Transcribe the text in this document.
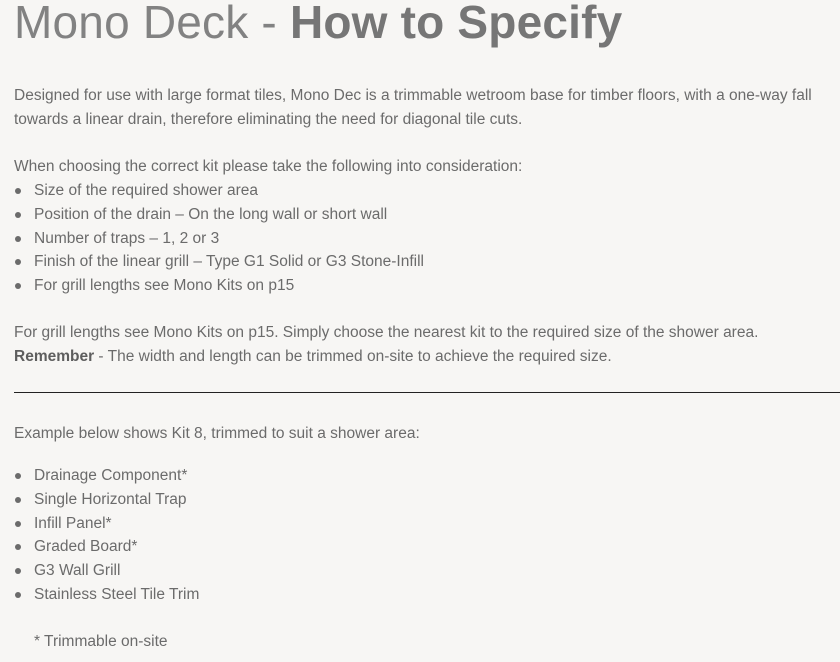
Mono Deck - How to Specify

Designed for use with large format tiles, Mono Dec is a trimmable wetroom base for timber floors, with a one-way fall towards a linear drain, therefore eliminating the need for diagonal tile cuts.

When choosing the correct kit please take the following into consideration:

Size of the required shower area
Position of the drain – On the long wall or short wall
Number of traps – 1, 2 or 3
Finish of the linear grill – Type G1 Solid or G3 Stone-Infill
For grill lengths see Mono Kits on p15

For grill lengths see Mono Kits on p15. Simply choose the nearest kit to the required size of the shower area.

Remember - The width and length can be trimmed on-site to achieve the required size.

Example below shows Kit 8, trimmed to suit a shower area:

Drainage Component*
Single Horizontal Trap
Infill Panel*
Graded Board*
G3 Wall Grill
Stainless Steel Tile Trim

* Trimmable on-site
